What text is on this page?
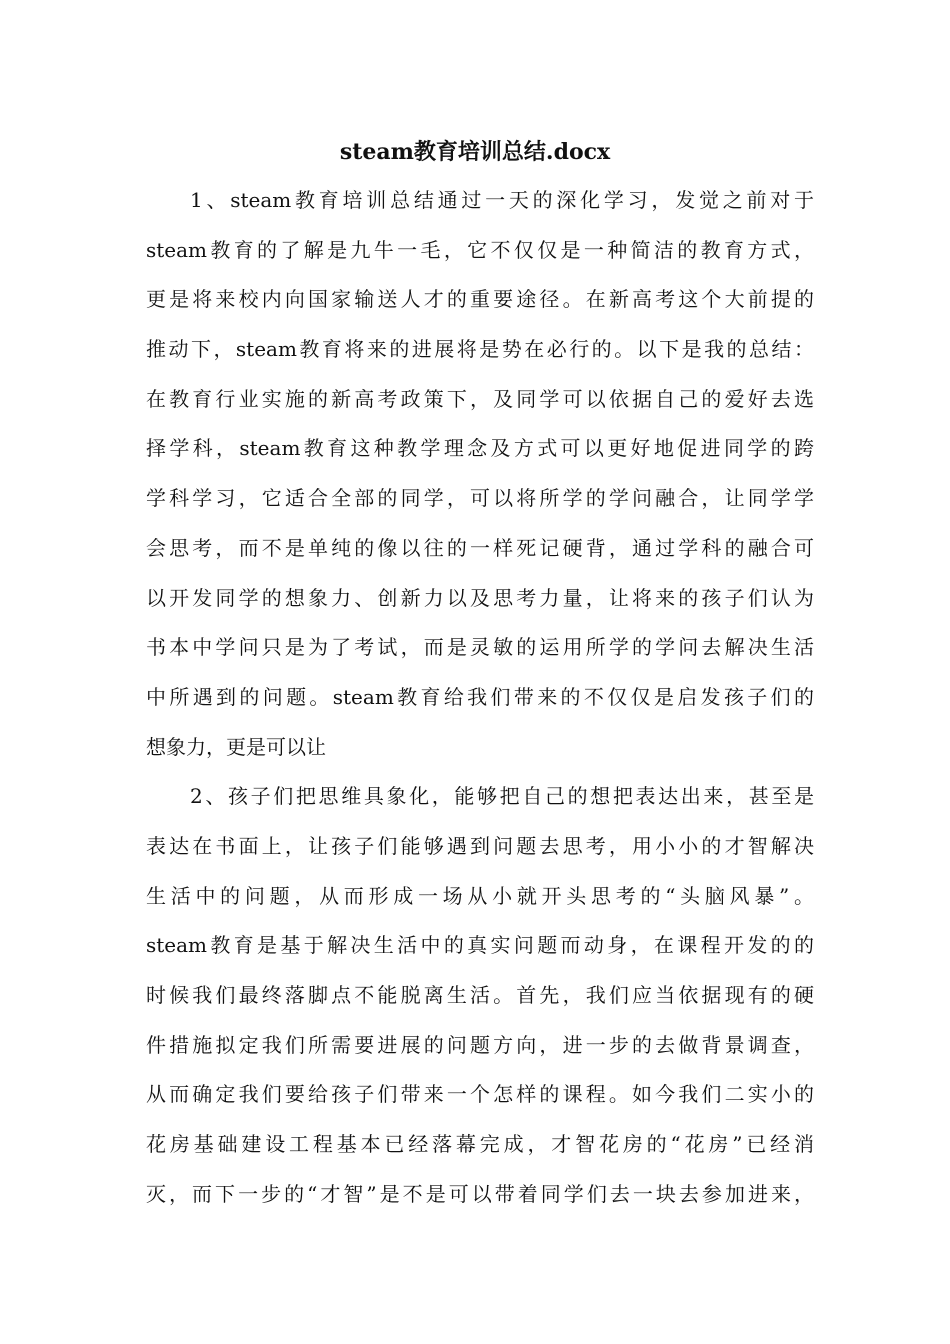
steam教育培训总结.docx
1、steam教育培训总结通过一天的深化学习，发觉之前对于
steam教育的了解是九牛一毛，它不仅仅是一种简洁的教育方式，
更是将来校内向国家输送人才的重要途径。在新高考这个大前提的
推动下，steam教育将来的进展将是势在必行的。以下是我的总结：
在教育行业实施的新高考政策下，及同学可以依据自己的爱好去选
择学科，steam教育这种教学理念及方式可以更好地促进同学的跨
学科学习，它适合全部的同学，可以将所学的学问融合，让同学学
会思考，而不是单纯的像以往的一样死记硬背，通过学科的融合可
以开发同学的想象力、创新力以及思考力量，让将来的孩子们认为
书本中学问只是为了考试，而是灵敏的运用所学的学问去解决生活
中所遇到的问题。steam教育给我们带来的不仅仅是启发孩子们的
想象力，更是可以让
2、孩子们把思维具象化，能够把自己的想把表达出来，甚至是
表达在书面上，让孩子们能够遇到问题去思考，用小小的才智解决
生活中的问题，从而形成一场从小就开头思考的“头脑风暴”。
steam教育是基于解决生活中的真实问题而动身，在课程开发的的
时候我们最终落脚点不能脱离生活。首先，我们应当依据现有的硬
件措施拟定我们所需要进展的问题方向，进一步的去做背景调查，
从而确定我们要给孩子们带来一个怎样的课程。如今我们二实小的
花房基础建设工程基本已经落幕完成，才智花房的“花房”已经消
灭，而下一步的“才智”是不是可以带着同学们去一块去参加进来，
